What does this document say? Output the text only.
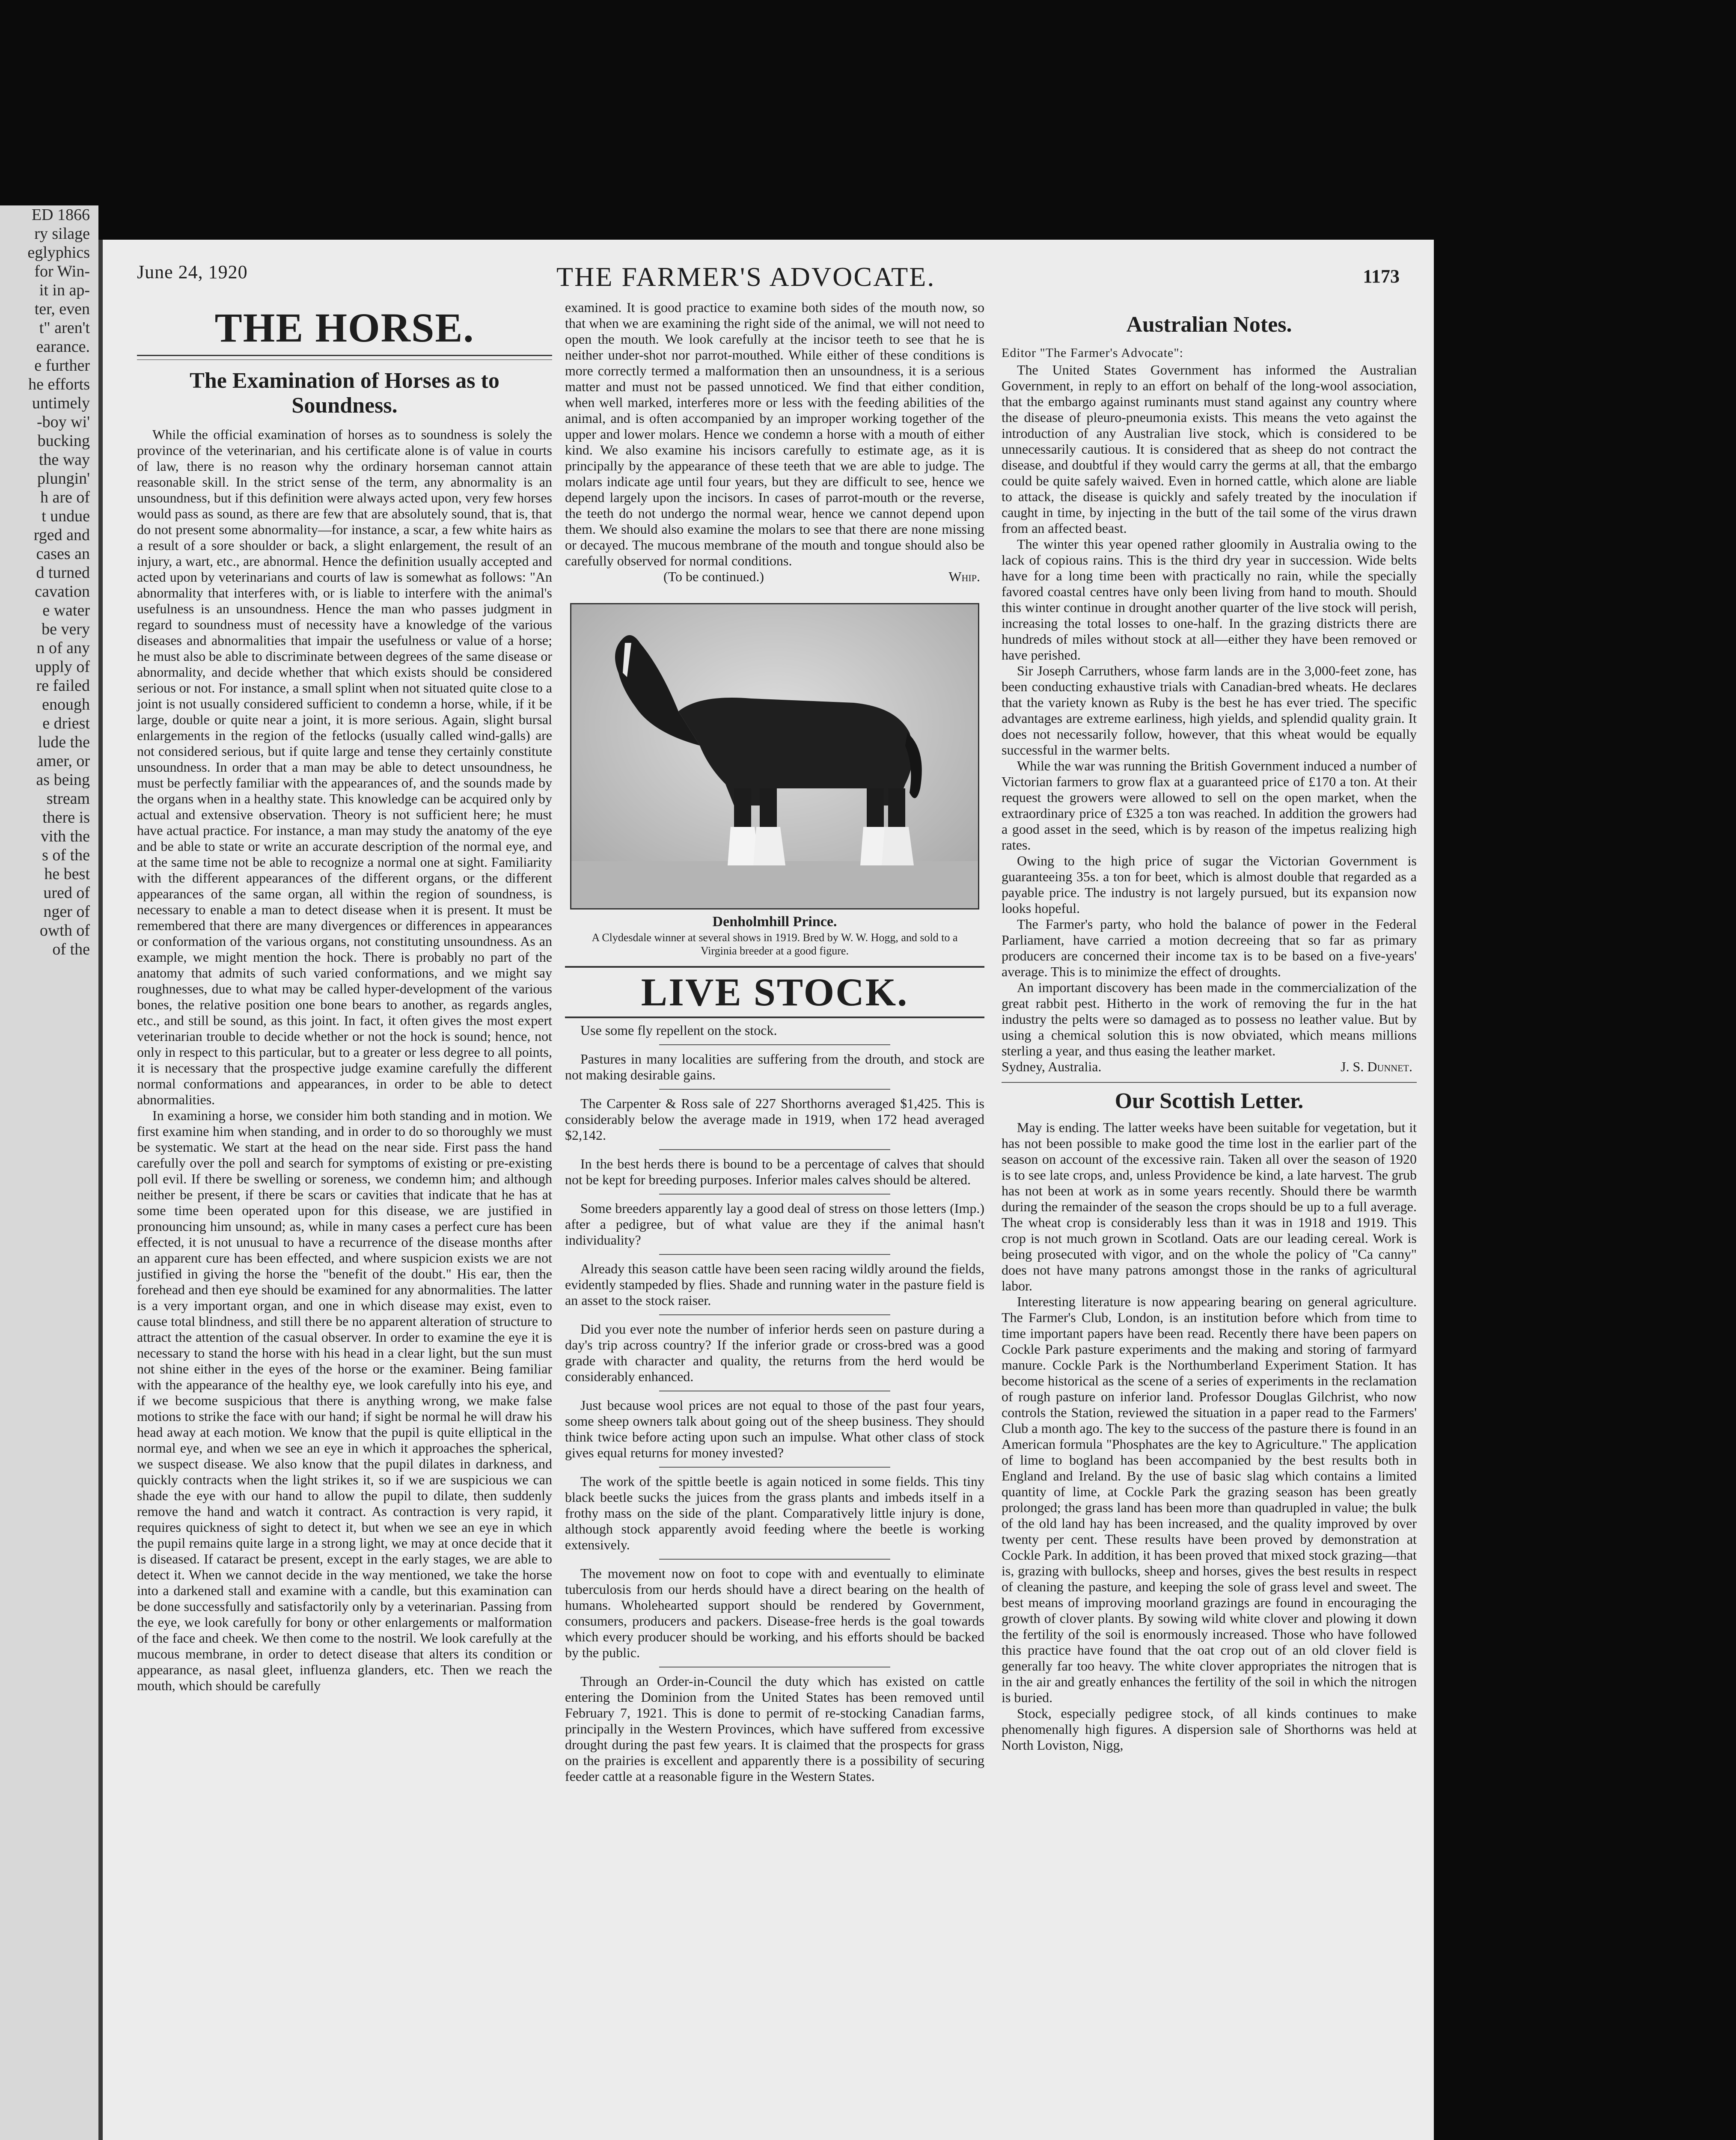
ED 1866
ry silage
eglyphics
for Win-
it in ap-
ter, even
t" aren't
earance.
e further
he efforts
untimely
-boy wi'
bucking
the way
plungin'
h are of
t undue
rged and
cases an
d turned
cavation
e water
be very
n of any
upply of
re failed
enough
e driest
lude the
amer, or
as being
stream
there is
vith the
s of the
he best
ured of
nger of
owth of
of the
June 24, 1920	THE FARMER'S ADVOCATE.	1173
THE HORSE.
The Examination of Horses as to Soundness.

While the official examination of horses as to soundness is solely the province of the veterinarian, and his certificate alone is of value in courts of law, there is no reason why the ordinary horseman cannot attain reasonable skill. In the strict sense of the term, any abnormality is an unsoundness, but if this definition were always acted upon, very few horses would pass as sound, as there are few that are absolutely sound, that is, that do not present some abnormality—for instance, a scar, a few white hairs as a result of a sore shoulder or back, a slight enlargement, the result of an injury, a wart, etc., are abnormal. Hence the definition usually accepted and acted upon by veterinarians and courts of law is somewhat as follows: "An abnormality that interferes with, or is liable to interfere with the animal's usefulness is an unsoundness. Hence the man who passes judgment in regard to soundness must of necessity have a knowledge of the various diseases and abnormalities that impair the usefulness or value of a horse; he must also be able to discriminate between degrees of the same disease or abnormality, and decide whether that which exists should be considered serious or not. For instance, a small splint when not situated quite close to a joint is not usually considered sufficient to condemn a horse, while, if it be large, double or quite near a joint, it is more serious. Again, slight bursal enlargements in the region of the fetlocks (usually called wind-galls) are not considered serious, but if quite large and tense they certainly constitute unsoundness. In order that a man may be able to detect unsoundness, he must be perfectly familiar with the appearances of, and the sounds made by the organs when in a healthy state. This knowledge can be acquired only by actual and extensive observation. Theory is not sufficient here; he must have actual practice. For instance, a man may study the anatomy of the eye and be able to state or write an accurate description of the normal eye, and at the same time not be able to recognize a normal one at sight. Familiarity with the different appearances of the different organs, or the different appearances of the same organ, all within the region of soundness, is necessary to enable a man to detect disease when it is present. It must be remembered that there are many divergences or differences in appearances or conformation of the various organs, not constituting unsoundness. As an example, we might mention the hock. There is probably no part of the anatomy that admits of such varied conformations, and we might say roughnesses, due to what may be called hyper-development of the various bones, the relative position one bone bears to another, as regards angles, etc., and still be sound, as this joint. In fact, it often gives the most expert veterinarian trouble to decide whether or not the hock is sound; hence, not only in respect to this particular, but to a greater or less degree to all points, it is necessary that the prospective judge examine carefully the different normal conformations and appearances, in order to be able to detect abnormalities.

In examining a horse, we consider him both standing and in motion. We first examine him when standing, and in order to do so thoroughly we must be systematic. We start at the head on the near side. First pass the hand carefully over the poll and search for symptoms of existing or pre-existing poll evil. If there be swelling or soreness, we condemn him; and although neither be present, if there be scars or cavities that indicate that he has at some time been operated upon for this disease, we are justified in pronouncing him unsound; as, while in many cases a perfect cure has been effected, it is not unusual to have a recurrence of the disease months after an apparent cure has been effected, and where suspicion exists we are not justified in giving the horse the "benefit of the doubt." His ear, then the forehead and then eye should be examined for any abnormalities. The latter is a very important organ, and one in which disease may exist, even to cause total blindness, and still there be no apparent alteration of structure to attract the attention of the casual observer. In order to examine the eye it is necessary to stand the horse with his head in a clear light, but the sun must not shine either in the eyes of the horse or the examiner. Being familiar with the appearance of the healthy eye, we look carefully into his eye, and if we become suspicious that there is anything wrong, we make false motions to strike the face with our hand; if sight be normal he will draw his head away at each motion. We know that the pupil is quite elliptical in the normal eye, and when we see an eye in which it approaches the spherical, we suspect disease. We also know that the pupil dilates in darkness, and quickly contracts when the light strikes it, so if we are suspicious we can shade the eye with our hand to allow the pupil to dilate, then suddenly remove the hand and watch it contract. As contraction is very rapid, it requires quickness of sight to detect it, but when we see an eye in which the pupil remains quite large in a strong light, we may at once decide that it is diseased. If cataract be present, except in the early stages, we are able to detect it. When we cannot decide in the way mentioned, we take the horse into a darkened stall and examine with a candle, but this examination can be done successfully and satisfactorily only by a veterinarian. Passing from the eye, we look carefully for bony or other enlargements or malformation of the face and cheek. We then come to the nostril. We look carefully at the mucous membrane, in order to detect disease that alters its condition or appearance, as nasal gleet, influenza glanders, etc. Then we reach the mouth, which should be carefully

examined. It is good practice to examine both sides of the mouth now, so that when we are examining the right side of the animal, we will not need to open the mouth. We look carefully at the incisor teeth to see that he is neither under-shot nor parrot-mouthed. While either of these conditions is more correctly termed a malformation then an unsoundness, it is a serious matter and must not be passed unnoticed. We find that either condition, when well marked, interferes more or less with the feeding abilities of the animal, and is often accompanied by an improper working together of the upper and lower molars. Hence we condemn a horse with a mouth of either kind. We also examine his incisors carefully to estimate age, as it is principally by the appearance of these teeth that we are able to judge. The molars indicate age until four years, but they are difficult to see, hence we depend largely upon the incisors. In cases of parrot-mouth or the reverse, the teeth do not undergo the normal wear, hence we cannot depend upon them. We should also examine the molars to see that there are none missing or decayed. The mucous membrane of the mouth and tongue should also be carefully observed for normal conditions.

(To be continued.)	Whip.

Denholmhill Prince.

A Clydesdale winner at several shows in 1919. Bred by W. W. Hogg, and sold to a Virginia breeder at a good figure.

LIVE STOCK.

Use some fly repellent on the stock.

Pastures in many localities are suffering from the drouth, and stock are not making desirable gains.

The Carpenter & Ross sale of 227 Shorthorns averaged $1,425. This is considerably below the average made in 1919, when 172 head averaged $2,142.

In the best herds there is bound to be a percentage of calves that should not be kept for breeding purposes. Inferior males calves should be altered.

Some breeders apparently lay a good deal of stress on those letters (Imp.) after a pedigree, but of what value are they if the animal hasn't individuality?

Already this season cattle have been seen racing wildly around the fields, evidently stampeded by flies. Shade and running water in the pasture field is an asset to the stock raiser.

Did you ever note the number of inferior herds seen on pasture during a day's trip across country? If the inferior grade or cross-bred was a good grade with character and quality, the returns from the herd would be considerably enhanced.

Just because wool prices are not equal to those of the past four years, some sheep owners talk about going out of the sheep business. They should think twice before acting upon such an impulse. What other class of stock gives equal returns for money invested?

The work of the spittle beetle is again noticed in some fields. This tiny black beetle sucks the juices from the grass plants and imbeds itself in a frothy mass on the side of the plant. Comparatively little injury is done, although stock apparently avoid feeding where the beetle is working extensively.

The movement now on foot to cope with and eventually to eliminate tuberculosis from our herds should have a direct bearing on the health of humans. Wholehearted support should be rendered by Government, consumers, producers and packers. Disease-free herds is the goal towards which every producer should be working, and his efforts should be backed by the public.

Through an Order-in-Council the duty which has existed on cattle entering the Dominion from the United States has been removed until February 7, 1921. This is done to permit of re-stocking Canadian farms, principally in the Western Provinces, which have suffered from excessive drought during the past few years. It is claimed that the prospects for grass on the prairies is excellent and apparently there is a possibility of securing feeder cattle at a reasonable figure in the Western States.

Australian Notes.

Editor "The Farmer's Advocate":

The United States Government has informed the Australian Government, in reply to an effort on behalf of the long-wool association, that the embargo against ruminants must stand against any country where the disease of pleuro-pneumonia exists. This means the veto against the introduction of any Australian live stock, which is considered to be unnecessarily cautious. It is considered that as sheep do not contract the disease, and doubtful if they would carry the germs at all, that the embargo could be quite safely waived. Even in horned cattle, which alone are liable to attack, the disease is quickly and safely treated by the inoculation if caught in time, by injecting in the butt of the tail some of the virus drawn from an affected beast.

The winter this year opened rather gloomily in Australia owing to the lack of copious rains. This is the third dry year in succession. Wide belts have for a long time been with practically no rain, while the specially favored coastal centres have only been living from hand to mouth. Should this winter continue in drought another quarter of the live stock will perish, increasing the total losses to one-half. In the grazing districts there are hundreds of miles without stock at all—either they have been removed or have perished.

Sir Joseph Carruthers, whose farm lands are in the 3,000-feet zone, has been conducting exhaustive trials with Canadian-bred wheats. He declares that the variety known as Ruby is the best he has ever tried. The specific advantages are extreme earliness, high yields, and splendid quality grain. It does not necessarily follow, however, that this wheat would be equally successful in the warmer belts.

While the war was running the British Government induced a number of Victorian farmers to grow flax at a guaranteed price of £170 a ton. At their request the growers were allowed to sell on the open market, when the extraordinary price of £325 a ton was reached. In addition the growers had a good asset in the seed, which is by reason of the impetus realizing high rates.

Owing to the high price of sugar the Victorian Government is guaranteeing 35s. a ton for beet, which is almost double that regarded as a payable price. The industry is not largely pursued, but its expansion now looks hopeful.

The Farmer's party, who hold the balance of power in the Federal Parliament, have carried a motion decreeing that so far as primary producers are concerned their income tax is to be based on a five-years' average. This is to minimize the effect of droughts.

An important discovery has been made in the commercialization of the great rabbit pest. Hitherto in the work of removing the fur in the hat industry the pelts were so damaged as to possess no leather value. But by using a chemical solution this is now obviated, which means millions sterling a year, and thus easing the leather market.

Sydney, Australia.	J. S. Dunnet.

Our Scottish Letter.

May is ending. The latter weeks have been suitable for vegetation, but it has not been possible to make good the time lost in the earlier part of the season on account of the excessive rain. Taken all over the season of 1920 is to see late crops, and, unless Providence be kind, a late harvest. The grub has not been at work as in some years recently. Should there be warmth during the remainder of the season the crops should be up to a full average. The wheat crop is considerably less than it was in 1918 and 1919. This crop is not much grown in Scotland. Oats are our leading cereal. Work is being prosecuted with vigor, and on the whole the policy of "Ca canny" does not have many patrons amongst those in the ranks of agricultural labor.

Interesting literature is now appearing bearing on general agriculture. The Farmer's Club, London, is an institution before which from time to time important papers have been read. Recently there have been papers on Cockle Park pasture experiments and the making and storing of farmyard manure. Cockle Park is the Northumberland Experiment Station. It has become historical as the scene of a series of experiments in the reclamation of rough pasture on inferior land. Professor Douglas Gilchrist, who now controls the Station, reviewed the situation in a paper read to the Farmers' Club a month ago. The key to the success of the pasture there is found in an American formula "Phosphates are the key to Agriculture." The application of lime to bogland has been accompanied by the best results both in England and Ireland. By the use of basic slag which contains a limited quantity of lime, at Cockle Park the grazing season has been greatly prolonged; the grass land has been more than quadrupled in value; the bulk of the old land hay has been increased, and the quality improved by over twenty per cent. These results have been proved by demonstration at Cockle Park. In addition, it has been proved that mixed stock grazing—that is, grazing with bullocks, sheep and horses, gives the best results in respect of cleaning the pasture, and keeping the sole of grass level and sweet. The best means of improving moorland grazings are found in encouraging the growth of clover plants. By sowing wild white clover and plowing it down the fertility of the soil is enormously increased. Those who have followed this practice have found that the oat crop out of an old clover field is generally far too heavy. The white clover appropriates the nitrogen that is in the air and greatly enhances the fertility of the soil in which the nitrogen is buried.

Stock, especially pedigree stock, of all kinds continues to make phenomenally high figures. A dispersion sale of Shorthorns was held at North Loviston, Nigg,
